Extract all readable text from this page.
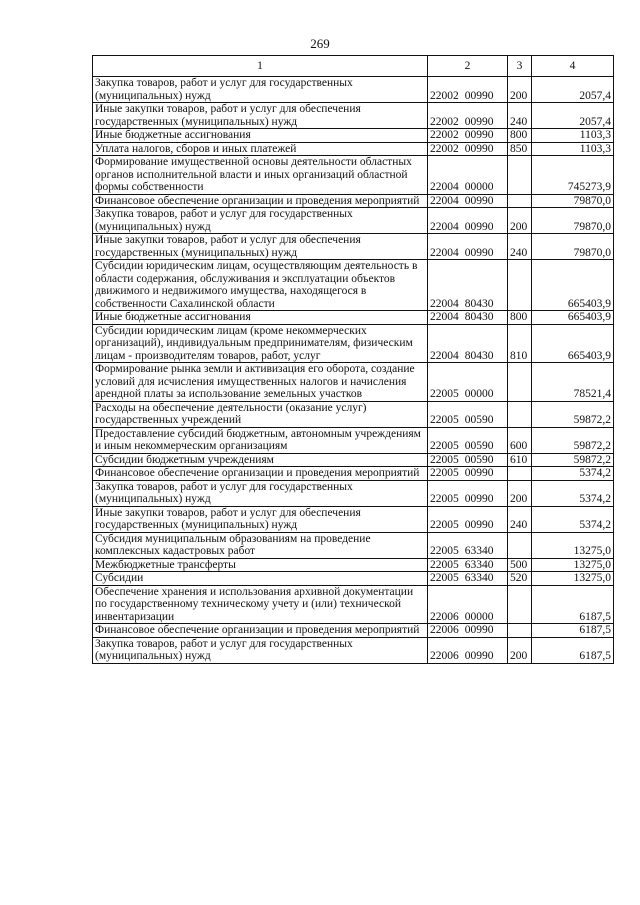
269
1	2	3	4
Закупка товаров, работ и услуг для государственных (муниципальных) нужд	22002 00990	200	2057,4
Иные закупки товаров, работ и услуг для обеспечения государственных (муниципальных) нужд	22002 00990	240	2057,4
Иные бюджетные ассигнования	22002 00990	800	1103,3
Уплата налогов, сборов и иных платежей	22002 00990	850	1103,3
Формирование имущественной основы деятельности областных органов исполнительной власти и иных организаций областной формы собственности	22004 00000		745273,9
Финансовое обеспечение организации и проведения мероприятий	22004 00990		79870,0
Закупка товаров, работ и услуг для государственных (муниципальных) нужд	22004 00990	200	79870,0
Иные закупки товаров, работ и услуг для обеспечения государственных (муниципальных) нужд	22004 00990	240	79870,0
Субсидии юридическим лицам, осуществляющим деятельность в области содержания, обслуживания и эксплуатации объектов движимого и недвижимого имущества, находящегося в собственности Сахалинской области	22004 80430		665403,9
Иные бюджетные ассигнования	22004 80430	800	665403,9
Субсидии юридическим лицам (кроме некоммерческих организаций), индивидуальным предпринимателям, физическим лицам - производителям товаров, работ, услуг	22004 80430	810	665403,9
Формирование рынка земли и активизация его оборота, создание условий для исчисления имущественных налогов и начисления арендной платы за использование земельных участков	22005 00000		78521,4
Расходы на обеспечение деятельности (оказание услуг) государственных учреждений	22005 00590		59872,2
Предоставление субсидий бюджетным, автономным учреждениям и иным некоммерческим организациям	22005 00590	600	59872,2
Субсидии бюджетным учреждениям	22005 00590	610	59872,2
Финансовое обеспечение организации и проведения мероприятий	22005 00990		5374,2
Закупка товаров, работ и услуг для государственных (муниципальных) нужд	22005 00990	200	5374,2
Иные закупки товаров, работ и услуг для обеспечения государственных (муниципальных) нужд	22005 00990	240	5374,2
Субсидия муниципальным образованиям на проведение комплексных кадастровых работ	22005 63340		13275,0
Межбюджетные трансферты	22005 63340	500	13275,0
Субсидии	22005 63340	520	13275,0
Обеспечение хранения и использования архивной документации по государственному техническому учету и (или) технической инвентаризации	22006 00000		6187,5
Финансовое обеспечение организации и проведения мероприятий	22006 00990		6187,5
Закупка товаров, работ и услуг для государственных (муниципальных) нужд	22006 00990	200	6187,5
